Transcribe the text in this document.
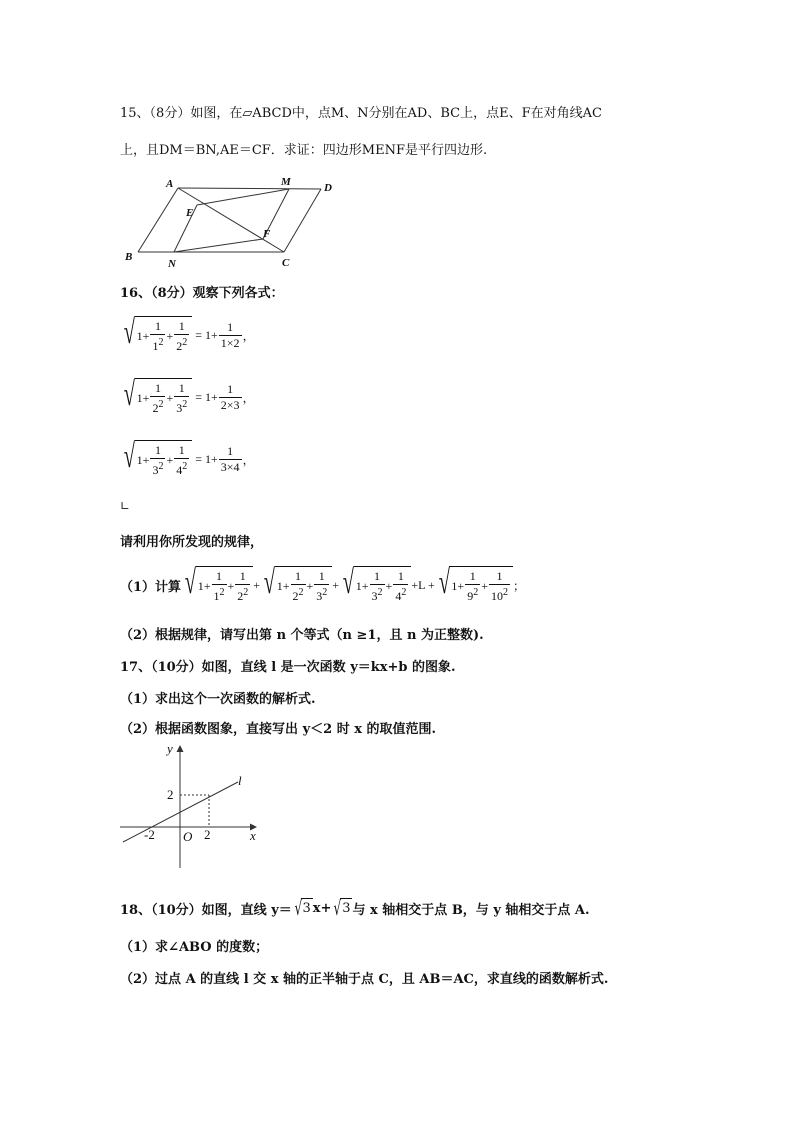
15、（8分）如图，在▱ABCD中，点M、N分别在AD、BC上，点E、F在对角线AC
上，且DM＝BN,AE＝CF．求证：四边形MENF是平行四边形.
A	M	D
E
F
B
N	C
16、（8分）观察下列各式：
√ 1+
1
$1^2$ +
1
$2^2$
= 1+
1
1×2 ，
√ 1+
1
$2^2$ +
1
$3^2$
= 1+
1
2×3 ，
√ 1+
1
$3^2$ +
1
$4^2$
= 1+
1
3×4 ，
∟
请利用你所发现的规律，
（1）计算 √ 1+
1
$1^2$ +
1
$2^2$
+ √ 1+
1
$2^2$ +
1
$3^2$
+ √ 1+
1
$3^2$ +
1
$4^2$
+L + √ 1+
1
$9^2$ +
1
$10^2$ ；
（2）根据规律，请写出第 n 个等式（n ≥1，且 n 为正整数).
17、（10分）如图，直线 l 是一次函数 y＝kx+b 的图象.
（1）求出这个一次函数的解析式.
（2）根据函数图象，直接写出 y＜2 时 x 的取值范围.
y
x
l
2
2
-2 O
18、（10分）如图，直线 y＝ √ 3 x+ √ 3 与 x 轴相交于点 B，与 y 轴相交于点 A.
（1）求∠ABO 的度数；
（2）过点 A 的直线 l 交 x 轴的正半轴于点 C，且 AB＝AC，求直线的函数解析式.
